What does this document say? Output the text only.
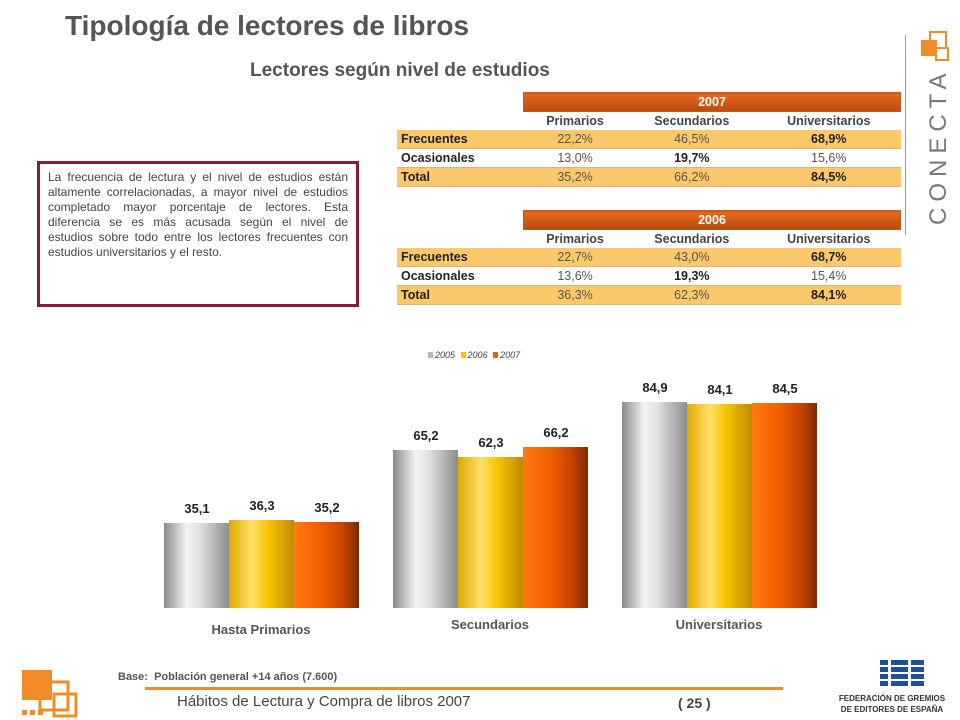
Tipología de lectores de libros
Lectores según nivel de estudios	CONECTA
La frecuencia de lectura y el nivel de estudios están altamente correlacionadas, a mayor nivel de estudios completado mayor porcentaje de lectores. Esta diferencia se es más acusada según el nivel de estudios sobre todo entre los lectores frecuentes con estudios universitarios y el resto.
	2007		
	Primarios	Secundarios	Universitarios
Frecuentes	22,2%	46,5%	68,9%
Ocasionales	13,0%	19,7%	15,6%
Total	35,2%	66,2%	84,5%
	2006		
	Primarios	Secundarios	Universitarios
Frecuentes	22,7%	43,0%	68,7%
Ocasionales	13,6%	19,3%	15,4%
Total	36,3%	62,3%	84,1%
2005 2006 2007
35,1	36,3	35,2
Hasta Primarios
65,2	62,3
66,2
Secundarios
84,9	84,1	84,5
Universitarios
Base: Población general +14 años (7.600)
Hábitos de Lectura y Compra de libros 2007	( 25 )	FEDERACIÓN DE GREMIOS
DE EDITORES DE ESPAÑA
